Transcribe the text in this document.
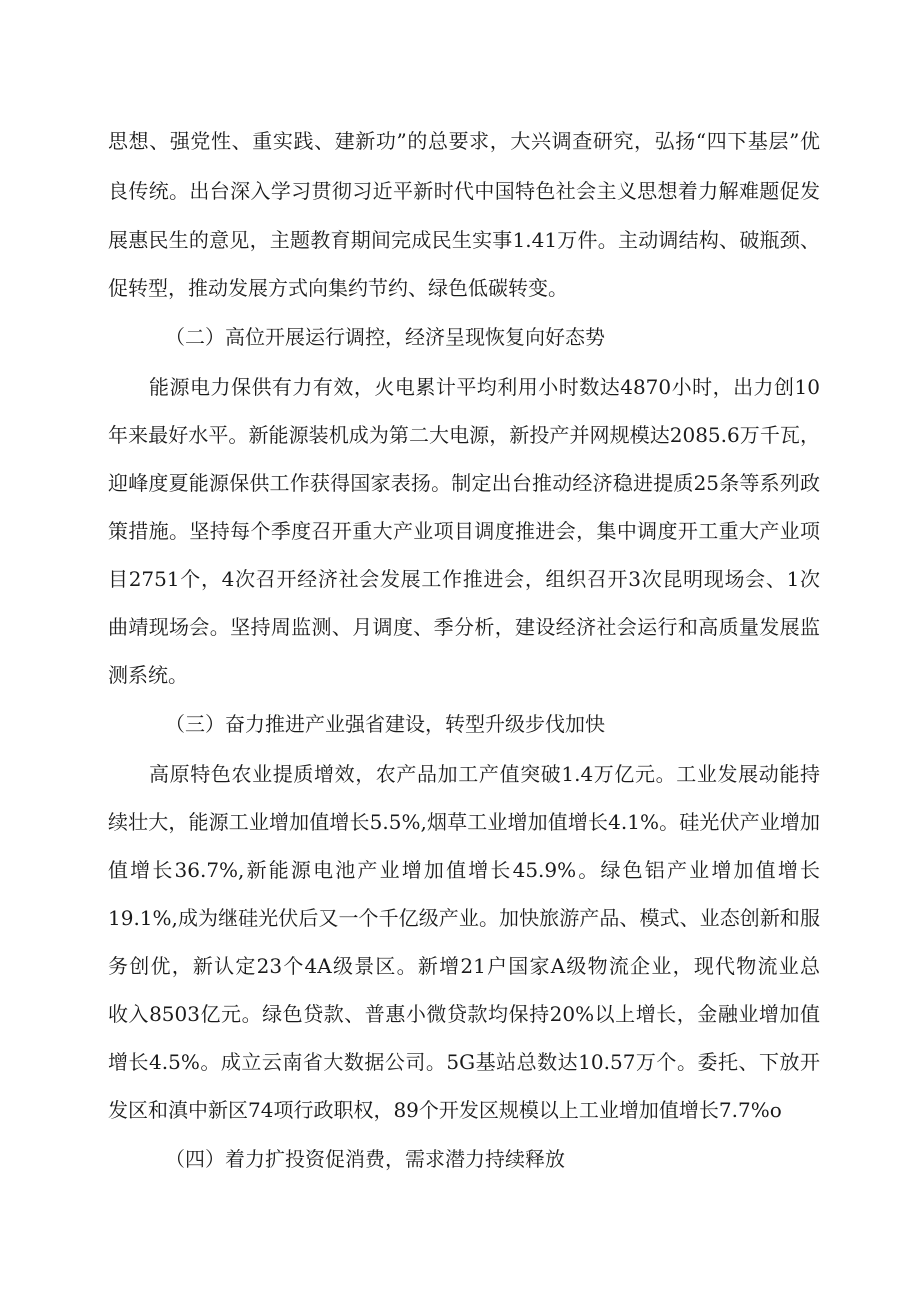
思想、强党性、重实践、建新功”的总要求，大兴调查研究，弘扬“四下基层”优
良传统。出台深入学习贯彻习近平新时代中国特色社会主义思想着力解难题促发
展惠民生的意见，主题教育期间完成民生实事1.41万件。主动调结构、破瓶颈、
促转型，推动发展方式向集约节约、绿色低碳转变。
（二）高位开展运行调控，经济呈现恢复向好态势
能源电力保供有力有效，火电累计平均利用小时数达4870小时，出力创10
年来最好水平。新能源装机成为第二大电源，新投产并网规模达2085.6万千瓦，
迎峰度夏能源保供工作获得国家表扬。制定出台推动经济稳进提质25条等系列政
策措施。坚持每个季度召开重大产业项目调度推进会，集中调度开工重大产业项
目2751个，4次召开经济社会发展工作推进会，组织召开3次昆明现场会、1次
曲靖现场会。坚持周监测、月调度、季分析，建设经济社会运行和高质量发展监
测系统。
（三）奋力推进产业强省建设，转型升级步伐加快
高原特色农业提质增效，农产品加工产值突破1.4万亿元。工业发展动能持
续壮大，能源工业增加值增长5.5%,烟草工业增加值增长4.1%。硅光伏产业增加
值增长36.7%,新能源电池产业增加值增长45.9%。绿色铝产业增加值增长
19.1%,成为继硅光伏后又一个千亿级产业。加快旅游产品、模式、业态创新和服
务创优，新认定23个4A级景区。新增21户国家A级物流企业，现代物流业总
收入8503亿元。绿色贷款、普惠小微贷款均保持20%以上增长，金融业增加值
增长4.5%。成立云南省大数据公司。5G基站总数达10.57万个。委托、下放开
发区和滇中新区74项行政职权，89个开发区规模以上工业增加值增长7.7%o
（四）着力扩投资促消费，需求潜力持续释放
